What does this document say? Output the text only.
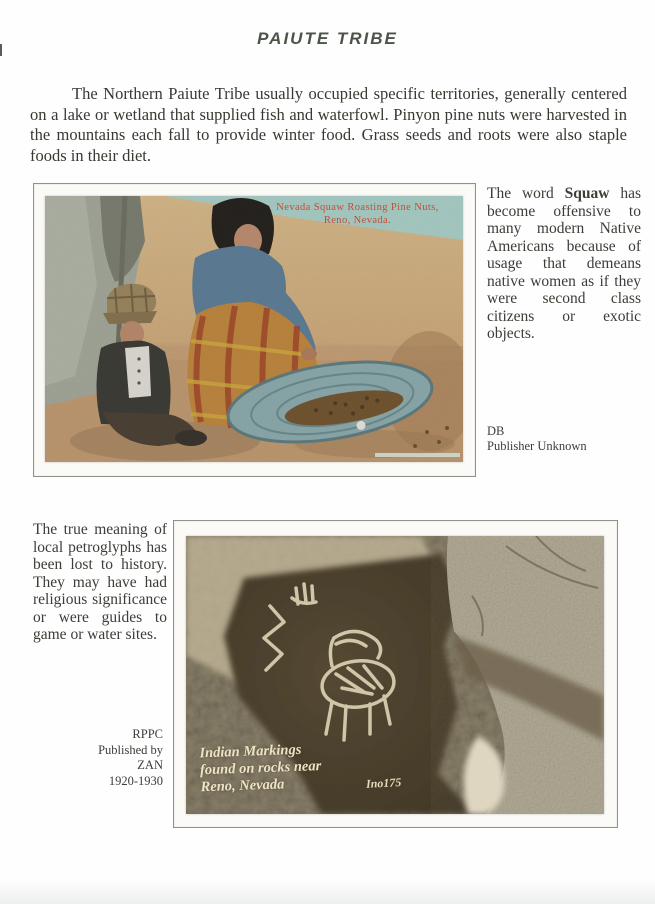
PAIUTE TRIBE
The Northern Paiute Tribe usually occupied specific territories, generally centered on a lake or wetland that supplied fish and waterfowl. Pinyon pine nuts were harvested in the mountains each fall to provide winter food. Grass seeds and roots were also staple foods in their diet.
Nevada Squaw Roasting Pine Nuts,
Reno, Nevada.
The word Squaw has become offensive to many modern Native Americans because of usage that demeans native women as if they were second class citizens or exotic objects.
DB
Publisher Unknown
The true meaning of local petroglyphs has been lost to history. They may have had religious significance or were guides to game or water sites.
RPPC
Published by
ZAN
1920-1930
Indian Markings
found on rocks near
Reno, Nevada	Ino175
